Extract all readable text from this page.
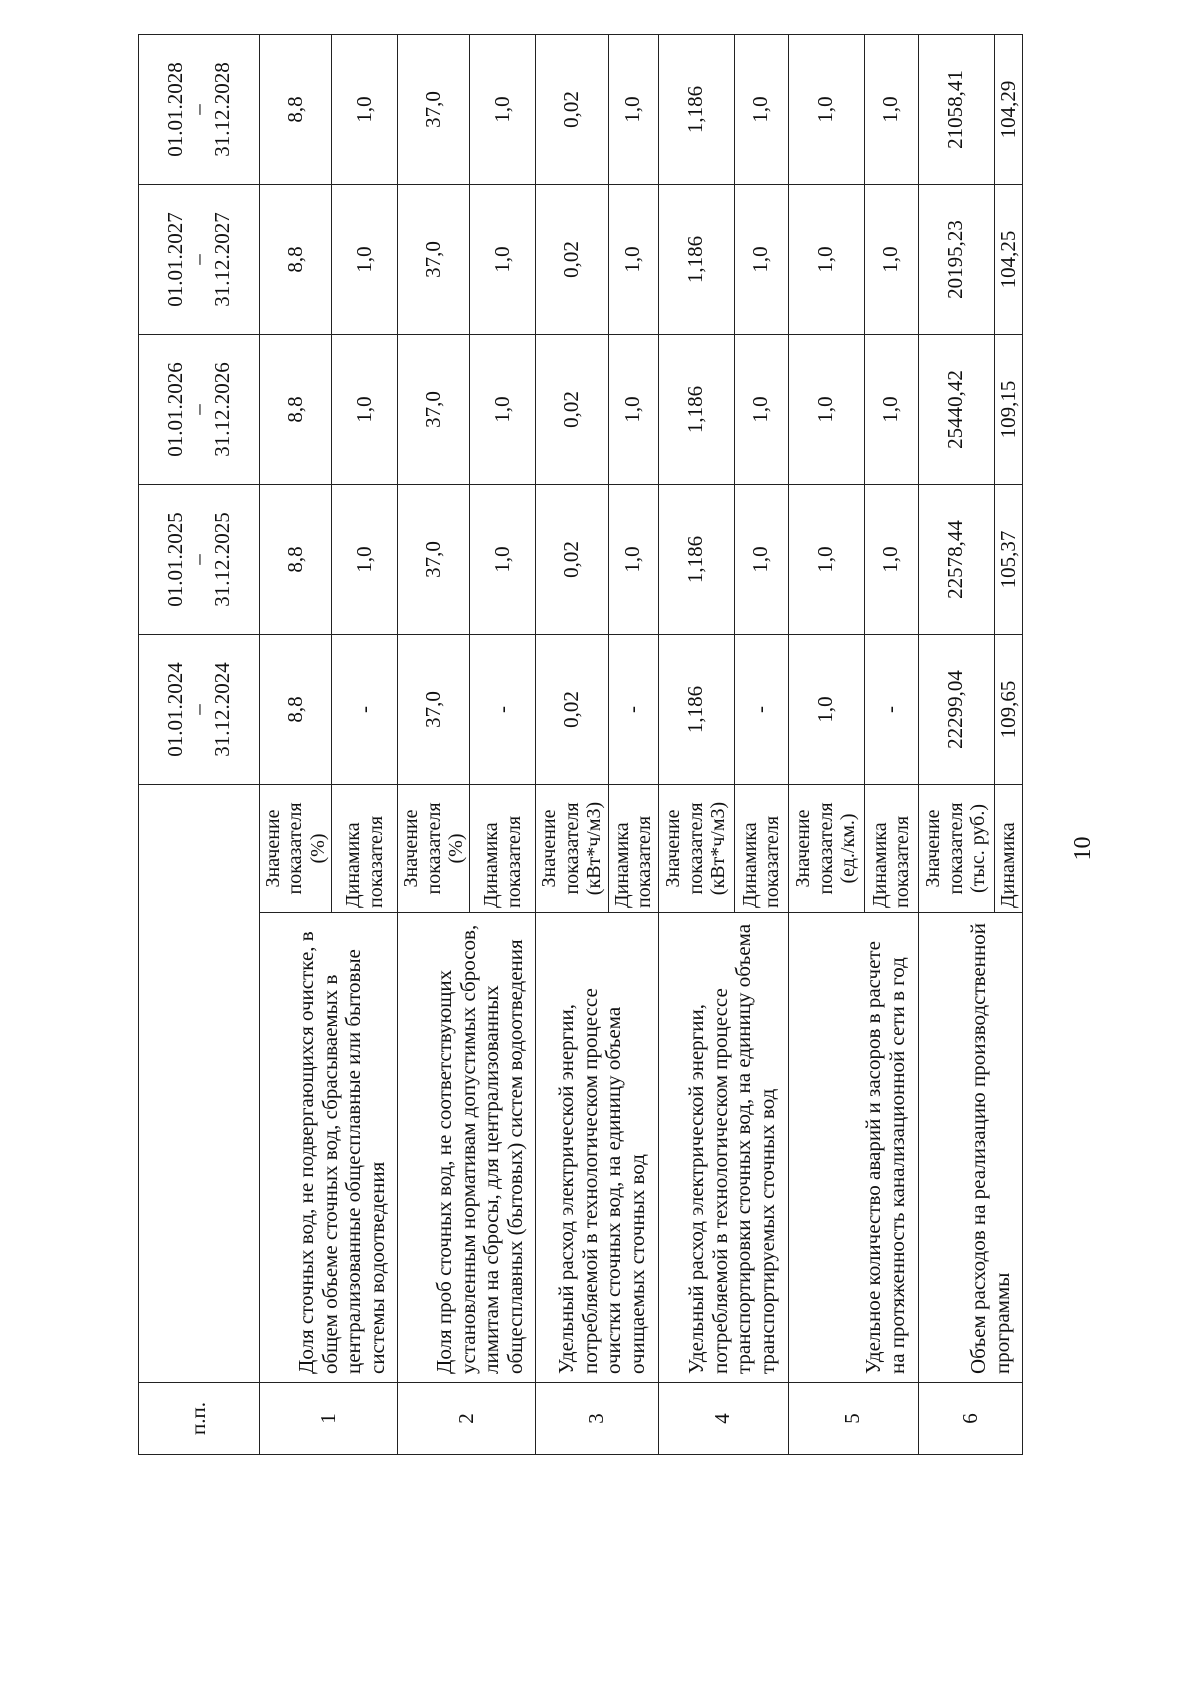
п.п.			01.01.2024
–
31.12.2024	01.01.2025
–
31.12.2025	01.01.2026
–
31.12.2026	01.01.2027
–
31.12.2027	01.01.2028
–
31.12.2028
1	Доля сточных вод, не подвергающихся очистке, в общем объеме сточных вод, сбрасываемых в централизованные общесплавные или бытовые системы водоотведения	Значение показателя (%)	8,8	8,8	8,8	8,8	8,8
		Динамика показателя	-	1,0	1,0	1,0	1,0
2	Доля проб сточных вод, не соответствующих установленным нормативам допустимых сбросов, лимитам на сбросы, для централизованных общесплавных (бытовых) систем водоотведения	Значение показателя (%)	37,0	37,0	37,0	37,0	37,0
		Динамика показателя	-	1,0	1,0	1,0	1,0
3	Удельный расход электрической энергии, потребляемой в технологическом процессе очистки сточных вод, на единицу объема очищаемых сточных вод	Значение показателя (кВт*ч/м3)	0,02	0,02	0,02	0,02	0,02
		Динамика показателя	-	1,0	1,0	1,0	1,0
4	Удельный расход электрической энергии, потребляемой в технологическом процессе транспортировки сточных вод, на единицу объема транспортируемых сточных вод	Значение показателя (кВт*ч/м3)	1,186	1,186	1,186	1,186	1,186
		Динамика показателя	-	1,0	1,0	1,0	1,0
5	Удельное количество аварий и засоров в расчете на протяженность канализационной сети в год	Значение показателя (ед./км.)	1,0	1,0	1,0	1,0	1,0
		Динамика показателя	-	1,0	1,0	1,0	1,0
6	Объем расходов на реализацию производственной программы	Значение показателя (тыс. руб.)	22299,04	22578,44	25440,42	20195,23	21058,41
		Динамика	109,65	105,37	109,15	104,25	104,29
10
